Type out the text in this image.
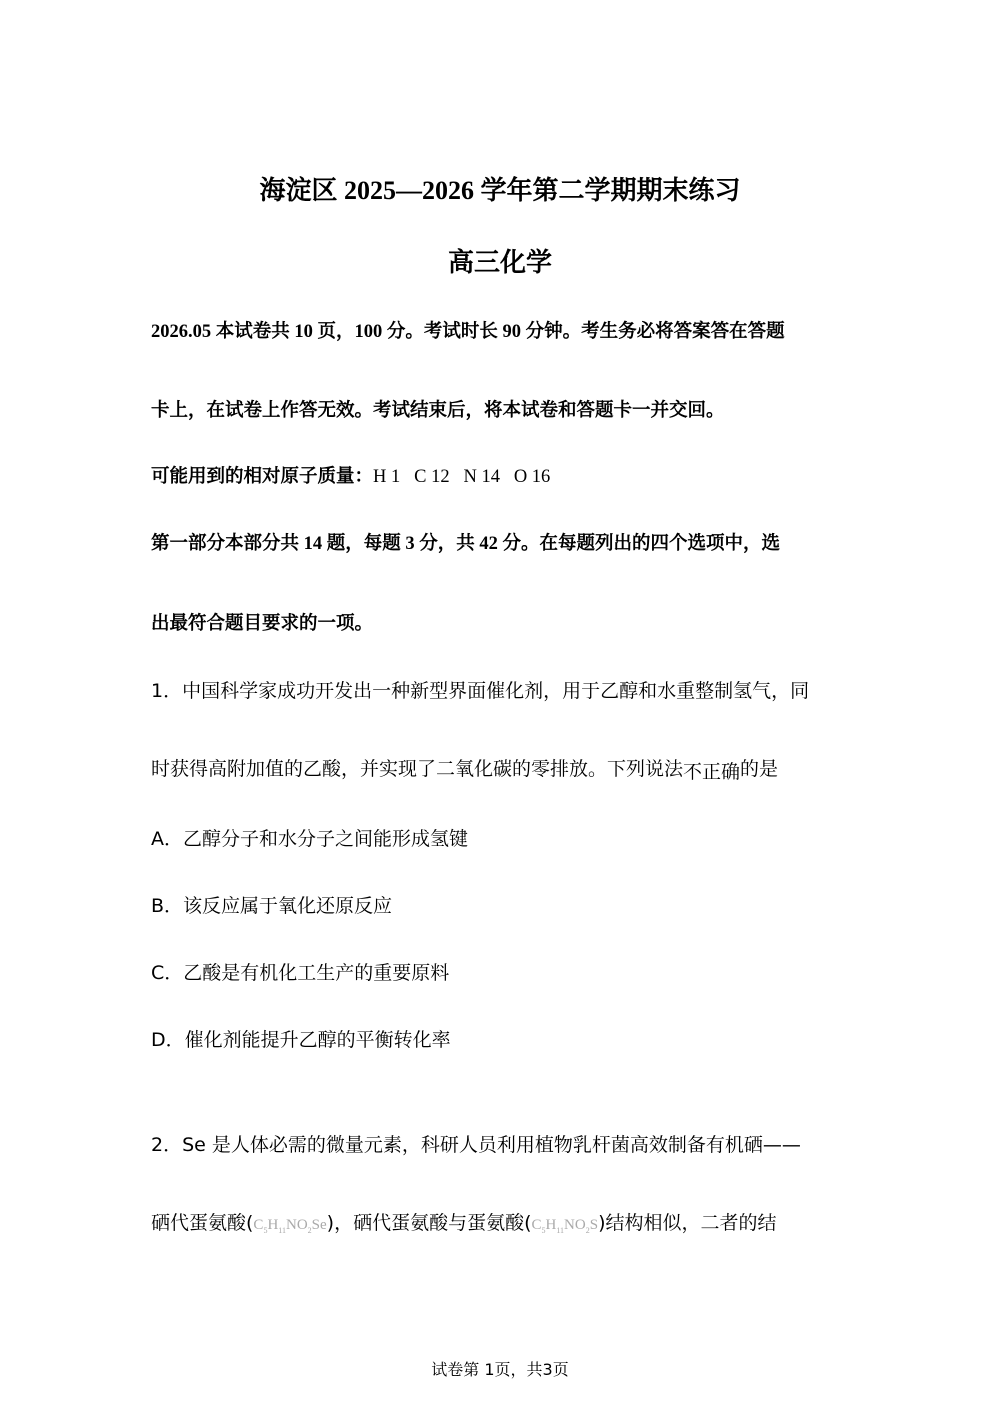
海淀区 2025—2026 学年第二学期期末练习
高三化学
2026.05 本试卷共 10 页，100 分。考试时长 90 分钟。考生务必将答案答在答题
卡上，在试卷上作答无效。考试结束后，将本试卷和答题卡一并交回。
可能用到的相对原子质量：H 1   C 12   N 14   O 16
第一部分本部分共 14 题，每题 3 分，共 42 分。在每题列出的四个选项中，选
出最符合题目要求的一项。
1．中国科学家成功开发出一种新型界面催化剂，用于乙醇和水重整制氢气，同
时获得高附加值的乙酸，并实现了二氧化碳的零排放。下列说法不正确的是
A．乙醇分子和水分子之间能形成氢键
B．该反应属于氧化还原反应
C．乙酸是有机化工生产的重要原料
D．催化剂能提升乙醇的平衡转化率
2．Se 是人体必需的微量元素，科研人员利用植物乳杆菌高效制备有机硒——
硒代蛋氨酸$(C_5H_{11}NO_2Se)$，硒代蛋氨酸与蛋氨酸$(C_5H_{11}NO_2S)$结构相似，二者的结
试卷第 1页，共3页
